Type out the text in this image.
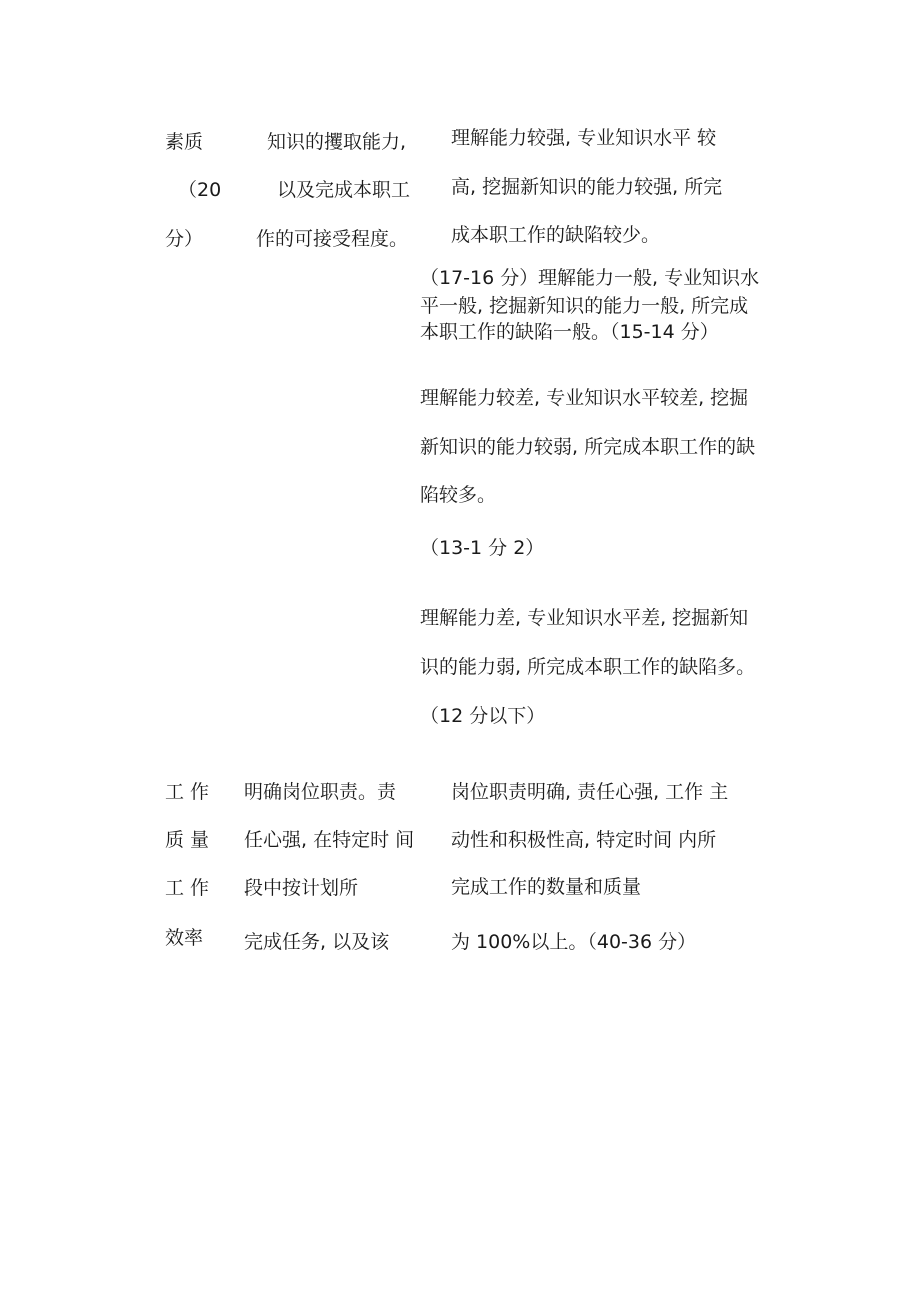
素质
（20
分）
知识的攫取能力,
以及完成本职工
作的可接受程度。
理解能力较强, 专业知识水平 较
高, 挖掘新知识的能力较强, 所完
成本职工作的缺陷较少。
（17-16 分） 理解能力一般, 专业知识水
平一般, 挖掘新知识的能力一般, 所完成
本职工作的缺陷一般。（15-14 分）
理解能力较差, 专业知识水平较差, 挖掘
新知识的能力较弱, 所完成本职工作的缺
陷较多。
（13-1 分 2）
理解能力差, 专业知识水平差, 挖掘新知
识的能力弱, 所完成本职工作的缺陷多。
（12 分以下）
工 作
质 量
工 作
效率
明确岗位职责。责
任心强, 在特定时 间
段中按计划所
完成任务, 以及该
岗位职责明确, 责任心强, 工作 主
动性和积极性高, 特定时间 内所
完成工作的数量和质量
为 100%以上。（40-36 分）
